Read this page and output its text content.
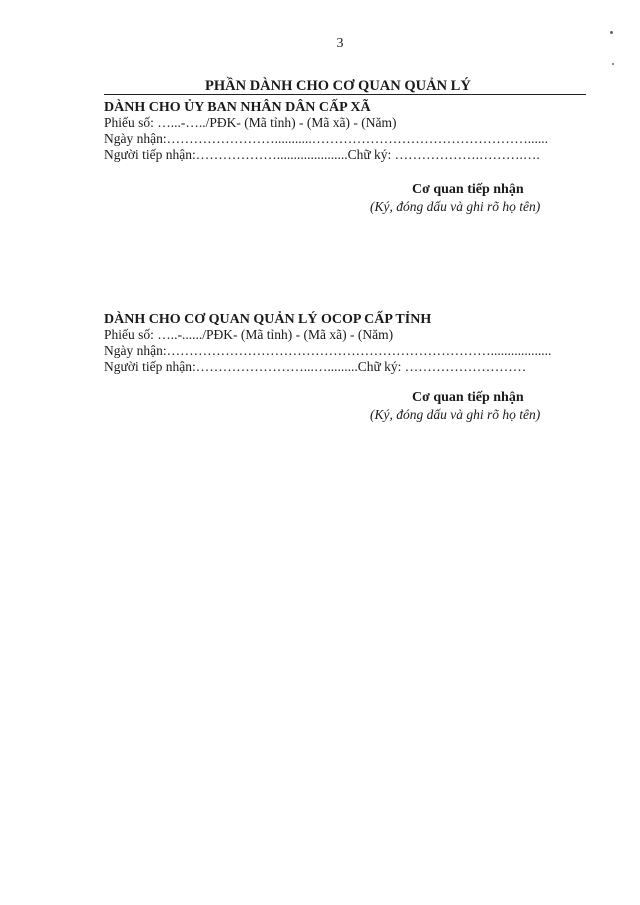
3
PHẦN DÀNH CHO CƠ QUAN QUẢN LÝ
DÀNH CHO ỦY BAN NHÂN DÂN CẤP XÃ
Phiếu số: …...-…../PĐK- (Mã tỉnh) - (Mã xã) - (Năm)
Ngày nhận:……………………...........…………………………………………......
Người tiếp nhận:……………….....................Chữ ký: ……………….……….….
Cơ quan tiếp nhận
(Ký, đóng dấu và ghi rõ họ tên)
DÀNH CHO CƠ QUAN QUẢN LÝ OCOP CẤP TỈNH
Phiếu số: …..-....../PĐK- (Mã tỉnh) - (Mã xã) - (Năm)
Ngày nhận:………………………………………………………………..................
Người tiếp nhận:……………………...….........Chữ ký: ………………………
Cơ quan tiếp nhận
(Ký, đóng dấu và ghi rõ họ tên)
